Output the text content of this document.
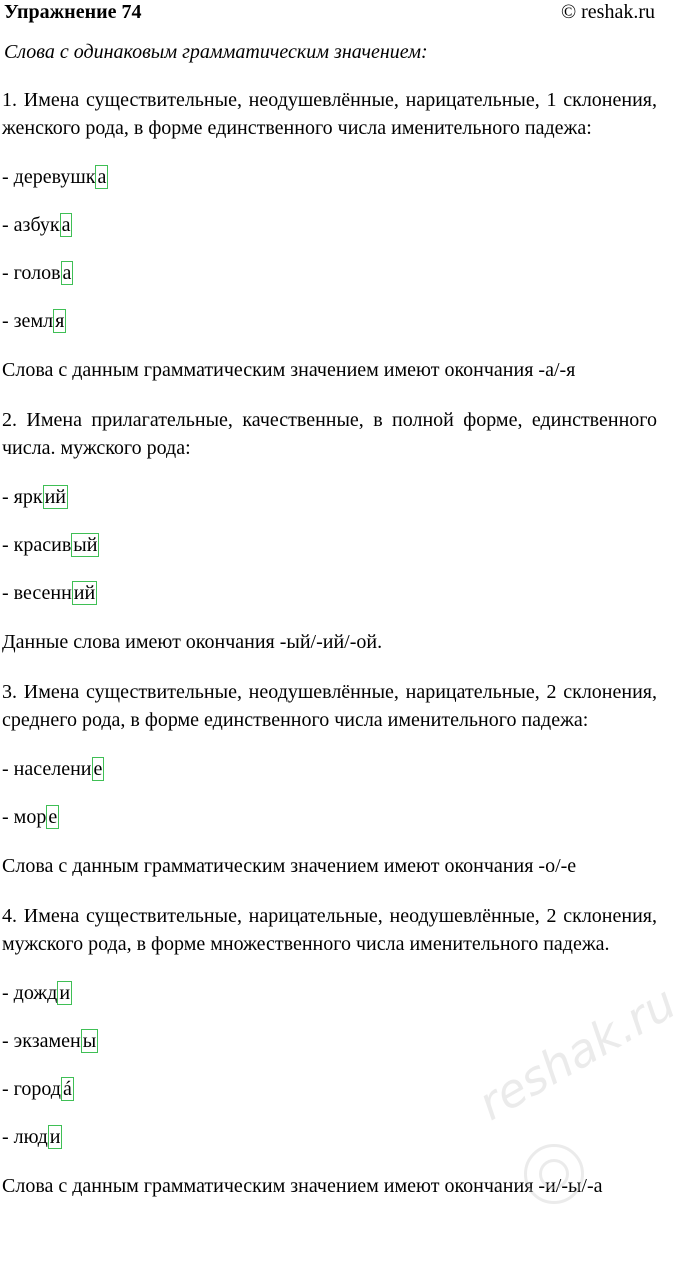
Упражнение 74	© reshak.ru
Слова с одинаковым грамматическим значением:

1. Имена существительные, неодушевлённые, нарицательные, 1 склонения, женского рода, в форме единственного числа именительного падежа:

- деревушк а
- азбук а
- голов а
- земл я

Слова с данным грамматическим значением имеют окончания -а/-я

2. Имена прилагательные, качественные, в полной форме, единственного числа. мужского рода:

- ярк ий
- красив ый
- весенн ий

Данные слова имеют окончания -ый/-ий/-ой.

3. Имена существительные, неодушевлённые, нарицательные, 2 склонения, среднего рода, в форме единственного числа именительного падежа:

- населени е
- мор е

Слова с данным грамматическим значением имеют окончания -о/-е

4. Имена существительные, нарицательные, неодушевлённые, 2 склонения, мужского рода, в форме множественного числа именительного падежа.

- дожд и
- экзамен ы
- город á
- люд и

Слова с данным грамматическим значением имеют окончания -и/-ы/-а

reshak.ru
